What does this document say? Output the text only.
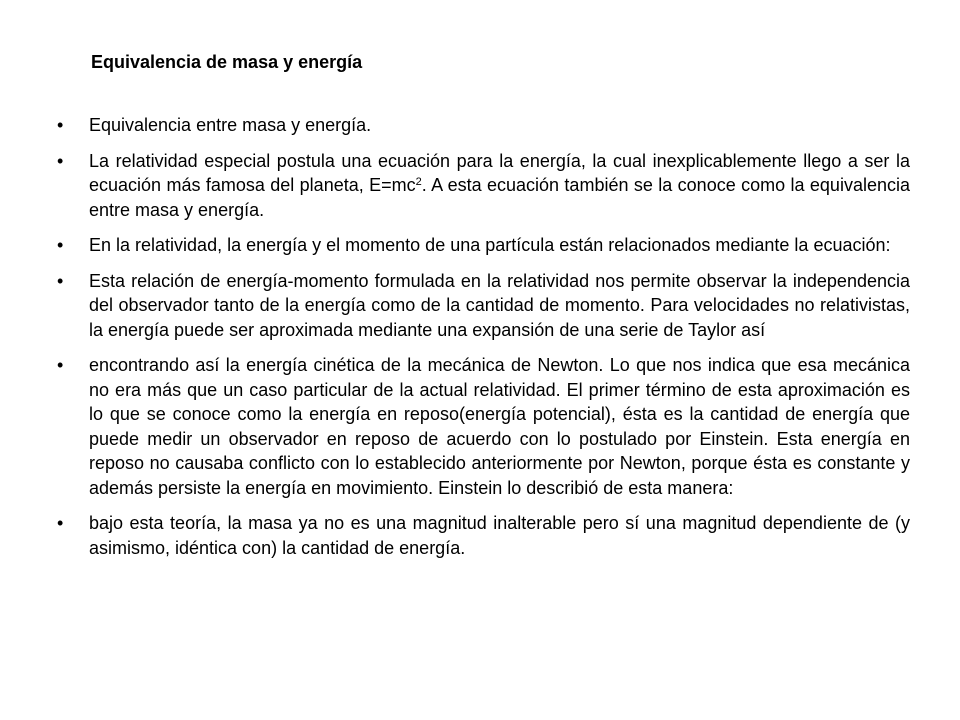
Equivalencia de masa y energía
•	Equivalencia entre masa y energía.
•	La relatividad especial postula una ecuación para la energía, la cual inexplicablemente llego a ser la ecuación más famosa del planeta, $E=mc^2$. A esta ecuación también se la conoce como la equivalencia entre masa y energía.
•	En la relatividad, la energía y el momento de una partícula están relacionados mediante la ecuación:
•	Esta relación de energía-momento formulada en la relatividad nos permite observar la independencia del observador tanto de la energía como de la cantidad de momento. Para velocidades no relativistas, la energía puede ser aproximada mediante una expansión de una serie de Taylor así
•	encontrando así la energía cinética de la mecánica de Newton. Lo que nos indica que esa mecánica no era más que un caso particular de la actual relatividad. El primer término de esta aproximación es lo que se conoce como la energía en reposo(energía potencial), ésta es la cantidad de energía que puede medir un observador en reposo de acuerdo con lo postulado por Einstein. Esta energía en reposo no causaba conflicto con lo establecido anteriormente por Newton, porque ésta es constante y además persiste la energía en movimiento. Einstein lo describió de esta manera:
•	bajo esta teoría, la masa ya no es una magnitud inalterable pero sí una magnitud dependiente de (y asimismo, idéntica con) la cantidad de energía.
